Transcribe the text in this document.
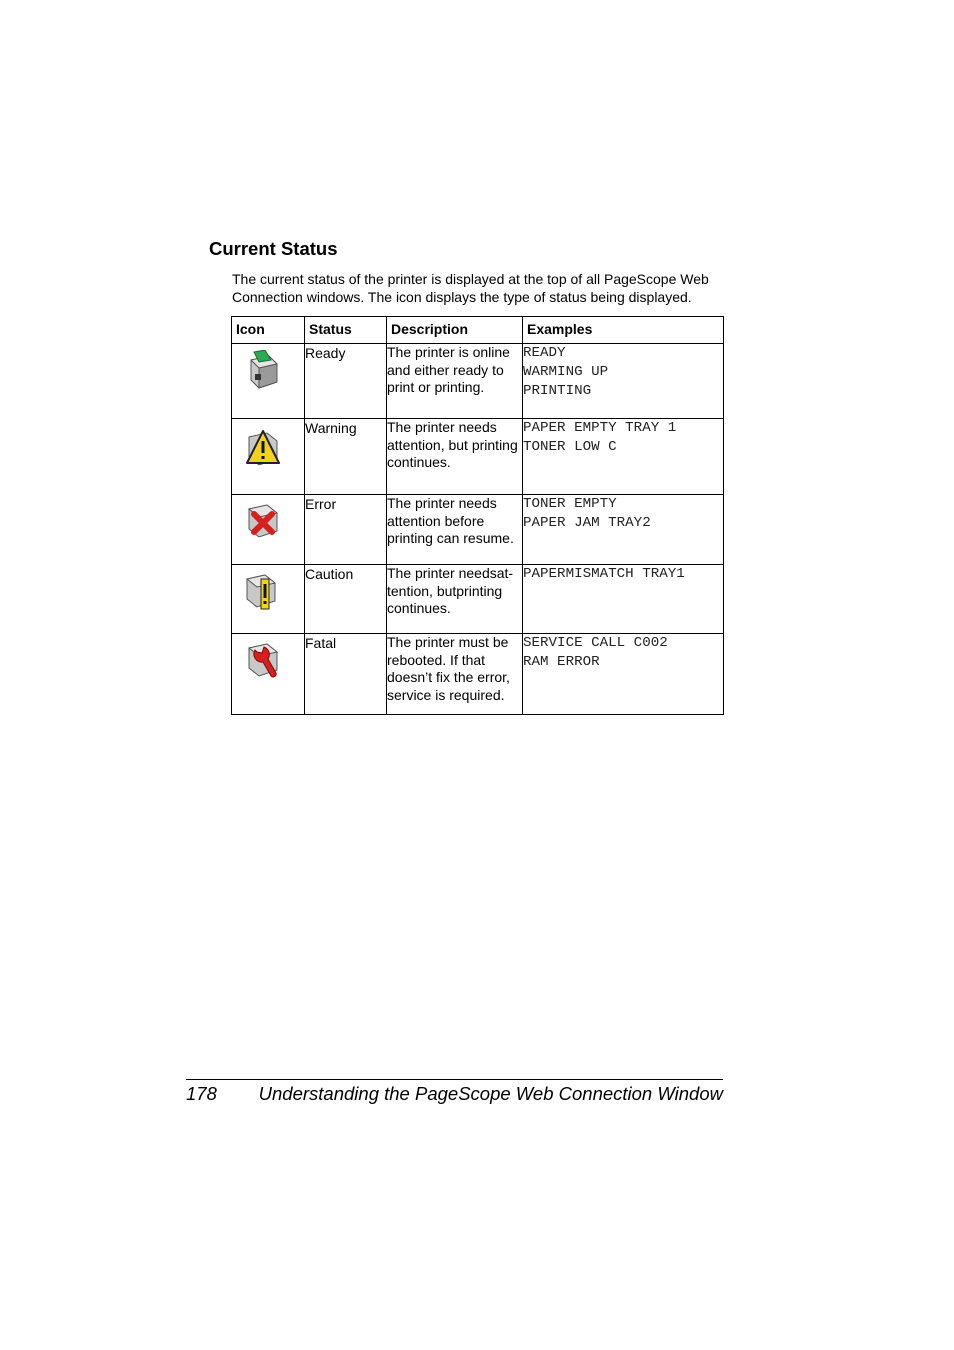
Current Status

The current status of the printer is displayed at the top of all PageScope Web Connection windows. The icon displays the type of status being displayed.

Icon	Status	Description	Examples

	Ready	The printer is online and either ready to print or printing.	READY
WARMING UP
PRINTING

	Warning	The printer needs attention, but printing continues.	PAPER EMPTY TRAY 1
TONER LOW C

	Error	The printer needs attention before printing can resume.	TONER EMPTY
PAPER JAM TRAY2

	Caution	The printer needsat-tention, butprinting continues.	PAPERMISMATCH TRAY1

	Fatal	The printer must be rebooted. If that doesn’t fix the error, service is required.	SERVICE CALL C002
RAM ERROR
178 Understanding the PageScope Web Connection Window
